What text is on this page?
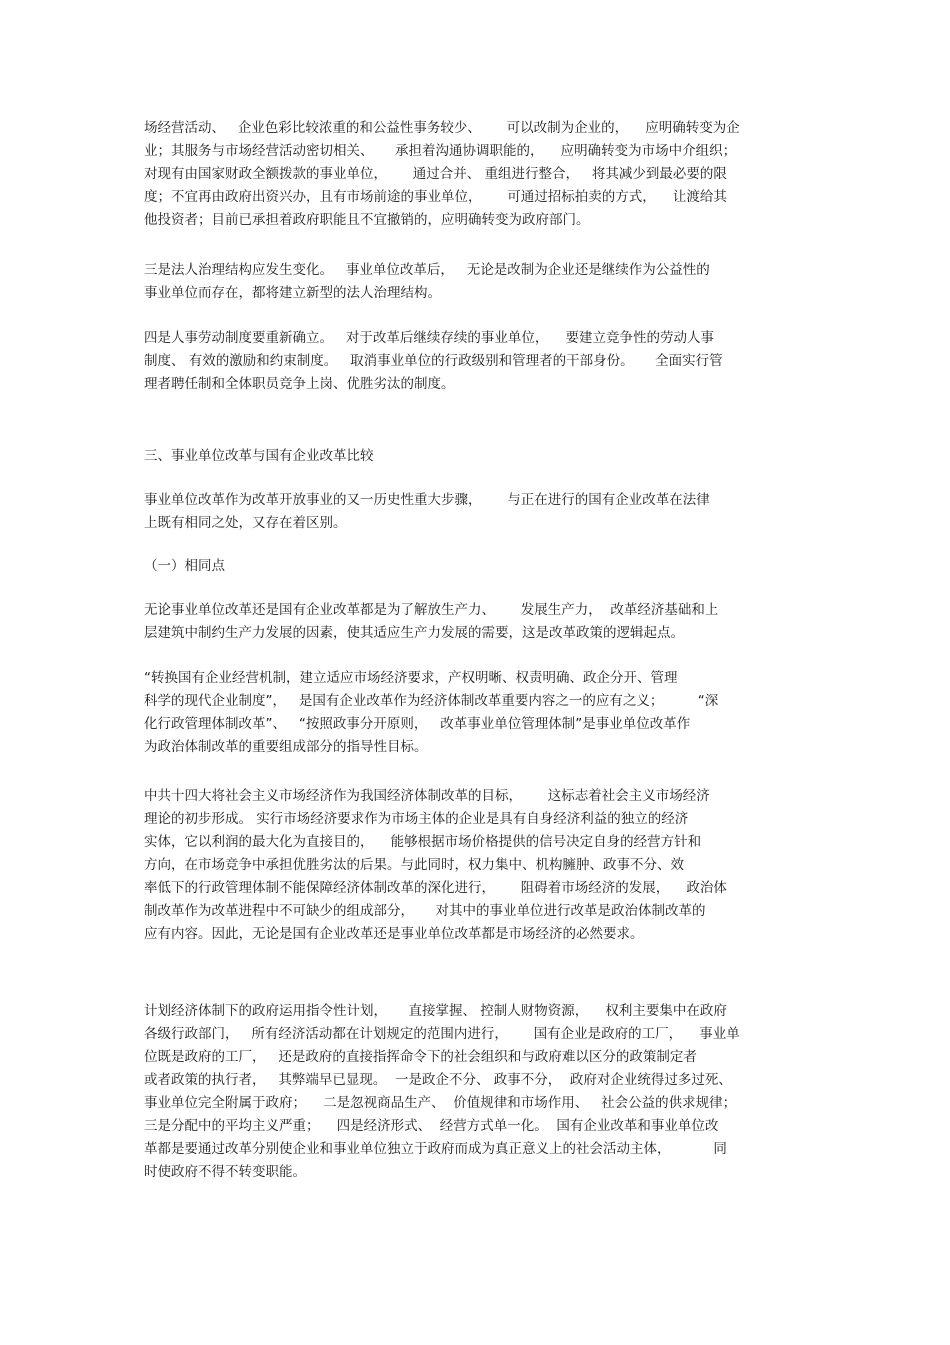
场经营活动、   企业色彩比较浓重的和公益性事务较少、      可以改制为企业的，    应明确转变为企
业；其服务与市场经营活动密切相关、     承担着沟通协调职能的，    应明确转变为市场中介组织；
对现有由国家财政全额拨款的事业单位，      通过合并、 重组进行整合，   将其减少到最必要的限
度；不宜再由政府出资兴办，且有市场前途的事业单位，      可通过招标拍卖的方式，    让渡给其
他投资者；目前已承担着政府职能且不宜撤销的，应明确转变为政府部门。
三是法人治理结构应发生变化。   事业单位改革后，   无论是改制为企业还是继续作为公益性的
事业单位而存在，都将建立新型的法人治理结构。
四是人事劳动制度要重新确立。   对于改革后继续存续的事业单位，    要建立竞争性的劳动人事
制度、 有效的激励和约束制度。   取消事业单位的行政级别和管理者的干部身份。     全面实行管
理者聘任制和全体职员竞争上岗、优胜劣汰的制度。
三、事业单位改革与国有企业改革比较
事业单位改革作为改革开放事业的又一历史性重大步骤，      与正在进行的国有企业改革在法律
上既有相同之处，又存在着区别。
（一）相同点
无论事业单位改革还是国有企业改革都是为了解放生产力、      发展生产力，  改革经济基础和上
层建筑中制约生产力发展的因素，使其适应生产力发展的需要，这是改革政策的逻辑起点。
“转换国有企业经营机制，建立适应市场经济要求，产权明晰、权责明确、政企分开、管理
科学的现代企业制度”，   是国有企业改革作为经济体制改革重要内容之一的应有之义；        “深
化行政管理体制改革”、   “按照政事分开原则，   改革事业单位管理体制”是事业单位改革作
为政治体制改革的重要组成部分的指导性目标。
中共十四大将社会主义市场经济作为我国经济体制改革的目标，      这标志着社会主义市场经济
理论的初步形成。 实行市场经济要求作为市场主体的企业是具有自身经济利益的独立的经济
实体，它以利润的最大化为直接目的，    能够根据市场价格提供的信号决定自身的经营方针和
方向，在市场竞争中承担优胜劣汰的后果。与此同时，权力集中、机构臃肿、政事不分、效
率低下的行政管理体制不能保障经济体制改革的深化进行，      阻碍着市场经济的发展，    政治体
制改革作为改革进程中不可缺少的组成部分，     对其中的事业单位进行改革是政治体制改革的
应有内容。因此，无论是国有企业改革还是事业单位改革都是市场经济的必然要求。
计划经济体制下的政府运用指令性计划，     直接掌握、 控制人财物资源，    权利主要集中在政府
各级行政部门，   所有经济活动都在计划规定的范围内进行，      国有企业是政府的工厂，    事业单
位既是政府的工厂，   还是政府的直接指挥命令下的社会组织和与政府难以区分的政策制定者
或者政策的执行者，   其弊端早已显现。  一是政企不分、 政事不分，  政府对企业统得过多过死、
事业单位完全附属于政府；    二是忽视商品生产、  价值规律和市场作用、   社会公益的供求规律；
三是分配中的平均主义严重；    四是经济形式、  经营方式单一化。  国有企业改革和事业单位改
革都是要通过改革分别使企业和事业单位独立于政府而成为真正意义上的社会活动主体，          同
时使政府不得不转变职能。
